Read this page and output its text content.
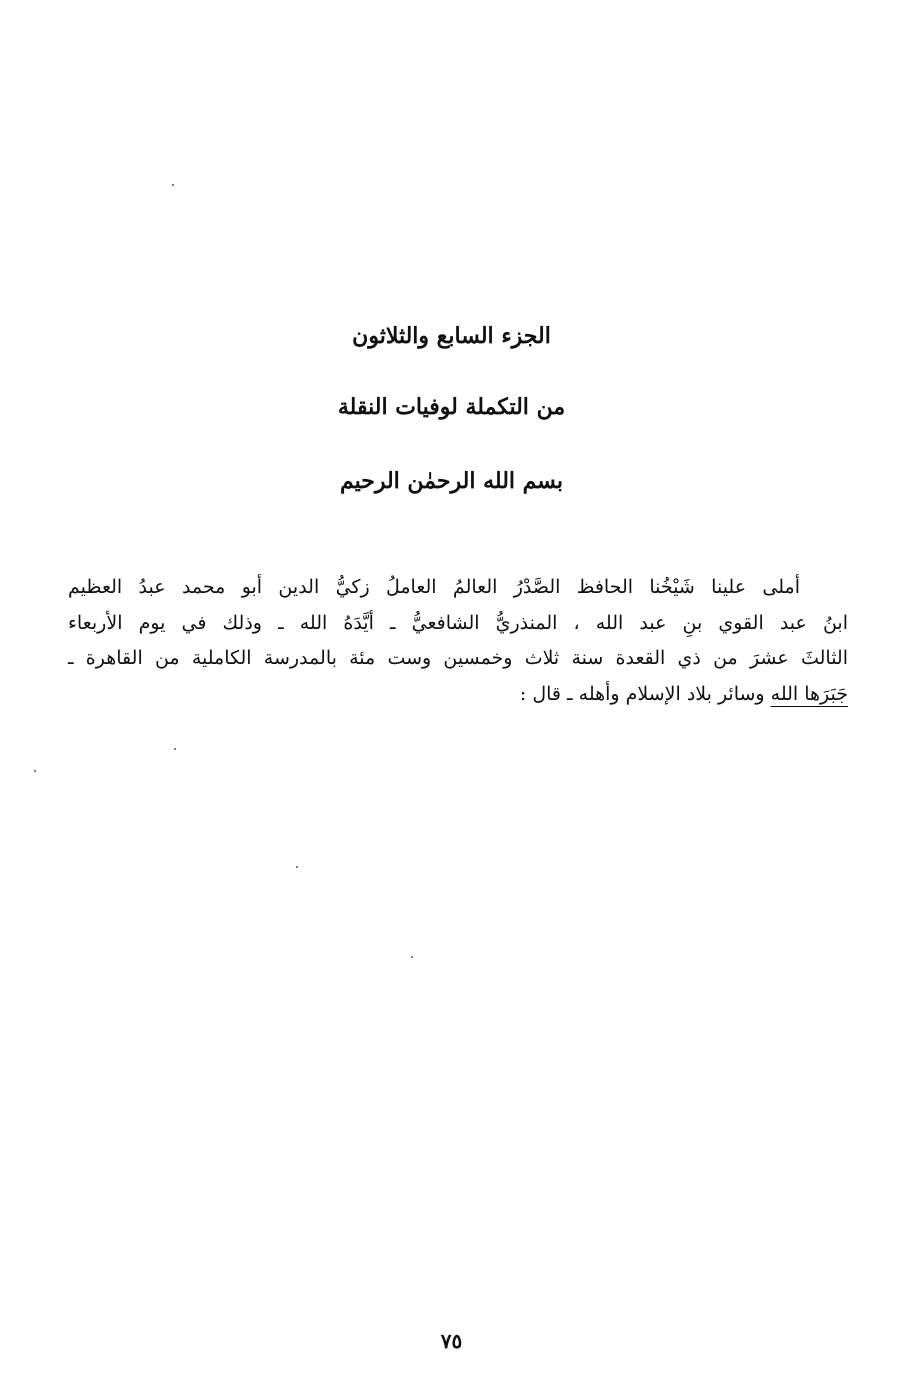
الجزء السابع والثلاثون
من التكملة لوفيات النقلة
بسم الله الرحمٰن الرحيم

أملى علينا شَيْخُنا الحافظ الصَّدْرُ العالمُ العاملُ زكيُّ الدين أبو محمد عبدُ العظيم
ابنُ عبد القوي بنِ عبد الله ، المنذريُّ الشافعيُّ ـ أيَّدَهُ الله ـ وذلك في يوم الأربعاء
الثالثَ عشرَ من ذي القعدة سنة ثلاث وخمسين وست مئة بالمدرسة الكاملية من القاهرة ـ
جَبَرَها الله وسائر بلاد الإسلام وأهله ـ قال :

٧٥
